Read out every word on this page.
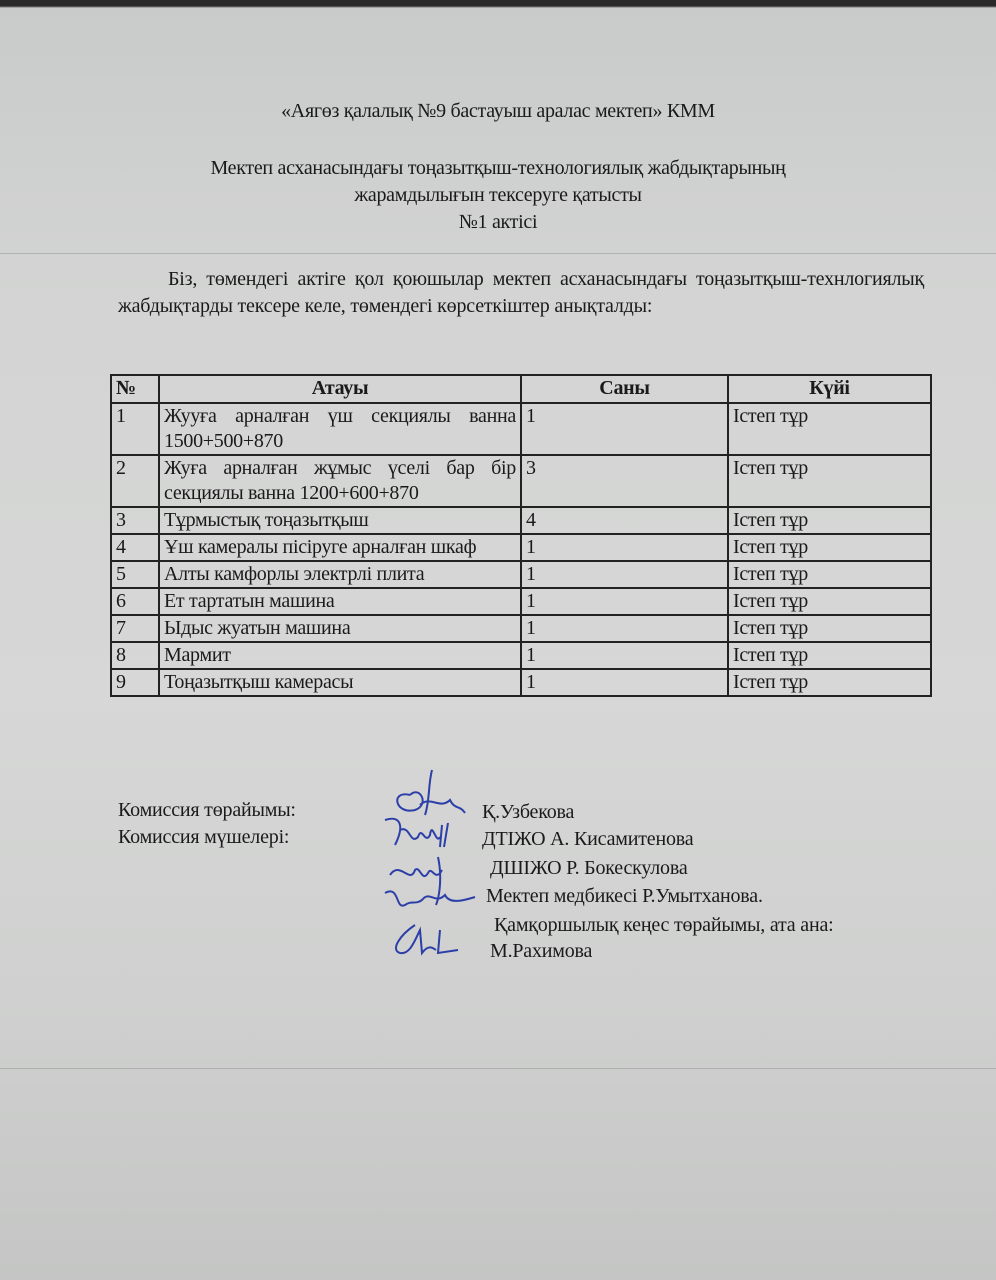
«Аягөз қалалық №9 бастауыш аралас мектеп» КММ
Мектеп асханасындағы тоңазытқыш-технологиялық жабдықтарының
жарамдылығын тексеруге қатысты
№1 актісі
Біз, төмендегі актіге қол қоюшылар мектеп асханасындағы тоңазытқыш-технлогиялық жабдықтарды тексере келе, төмендегі көрсеткіштер анықталды:
№	Атауы	Саны	Күйі
1	Жууға арналған үш секциялы ванна 1500+500+870	1	Істеп тұр
2	Жуға арналған жұмыс үселі бар бір секциялы ванна 1200+600+870	3	Істеп тұр
3	Тұрмыстық тоңазытқыш	4	Істеп тұр
4	Ұш камералы пісіруге арналған шкаф	1	Істеп тұр
5	Алты камфорлы электрлі плита	1	Істеп тұр
6	Ет тартатын машина	1	Істеп тұр
7	Ыдыс жуатын машина	1	Істеп тұр
8	Мармит	1	Істеп тұр
9	Тоңазытқыш камерасы	1	Істеп тұр
Комиссия төрайымы:
Комиссия мүшелері:
Қ.Узбекова
ДТІЖО А. Кисамитенова
ДШІЖО Р. Бокескулова
Мектеп медбикесі Р.Умытханова.
Қамқоршылық кеңес төрайымы, ата ана:
М.Рахимова
